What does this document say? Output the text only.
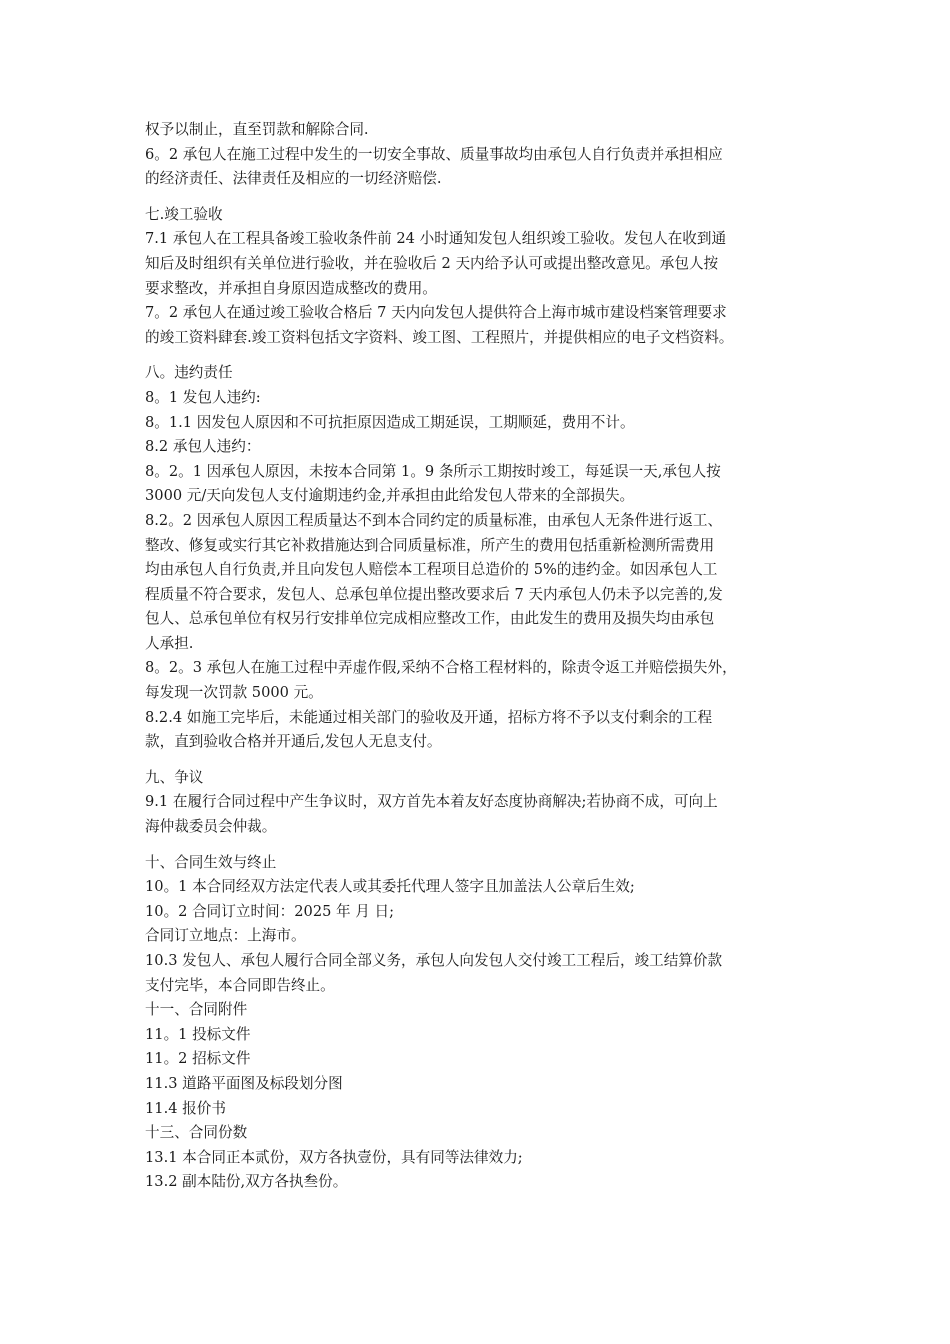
权予以制止，直至罚款和解除合同.
6。2 承包人在施工过程中发生的一切安全事故、质量事故均由承包人自行负责并承担相应
的经济责任、法律责任及相应的一切经济赔偿.
七.竣工验收
7.1 承包人在工程具备竣工验收条件前 24 小时通知发包人组织竣工验收。发包人在收到通
知后及时组织有关单位进行验收，并在验收后 2 天内给予认可或提出整改意见。承包人按
要求整改，并承担自身原因造成整改的费用。
7。2 承包人在通过竣工验收合格后 7 天内向发包人提供符合上海市城市建设档案管理要求
的竣工资料肆套.竣工资料包括文字资料、竣工图、工程照片，并提供相应的电子文档资料。
八。违约责任
8。1 发包人违约:
8。1.1 因发包人原因和不可抗拒原因造成工期延误，工期顺延，费用不计。
8.2 承包人违约：
8。2。1 因承包人原因，未按本合同第 1。9 条所示工期按时竣工，每延误一天,承包人按
3000 元/天向发包人支付逾期违约金,并承担由此给发包人带来的全部损失。
8.2。2 因承包人原因工程质量达不到本合同约定的质量标准，由承包人无条件进行返工、
整改、修复或实行其它补救措施达到合同质量标准，所产生的费用包括重新检测所需费用
均由承包人自行负责,并且向发包人赔偿本工程项目总造价的 5%的违约金。如因承包人工
程质量不符合要求，发包人、总承包单位提出整改要求后 7 天内承包人仍未予以完善的,发
包人、总承包单位有权另行安排单位完成相应整改工作，由此发生的费用及损失均由承包
人承担.
8。2。3 承包人在施工过程中弄虚作假,采纳不合格工程材料的，除责令返工并赔偿损失外，
每发现一次罚款 5000 元。
8.2.4 如施工完毕后，未能通过相关部门的验收及开通，招标方将不予以支付剩余的工程
款，直到验收合格并开通后,发包人无息支付。
九、争议
9.1 在履行合同过程中产生争议时，双方首先本着友好态度协商解决;若协商不成，可向上
海仲裁委员会仲裁。
十、合同生效与终止
10。1 本合同经双方法定代表人或其委托代理人签字且加盖法人公章后生效;
10。2 合同订立时间：2025 年 月 日;
合同订立地点：上海市。
10.3 发包人、承包人履行合同全部义务，承包人向发包人交付竣工工程后，竣工结算价款
支付完毕，本合同即告终止。
十一、合同附件
11。1 投标文件
11。2 招标文件
11.3 道路平面图及标段划分图
11.4 报价书
十三、合同份数
13.1 本合同正本贰份，双方各执壹份，具有同等法律效力;
13.2 副本陆份,双方各执叁份。
